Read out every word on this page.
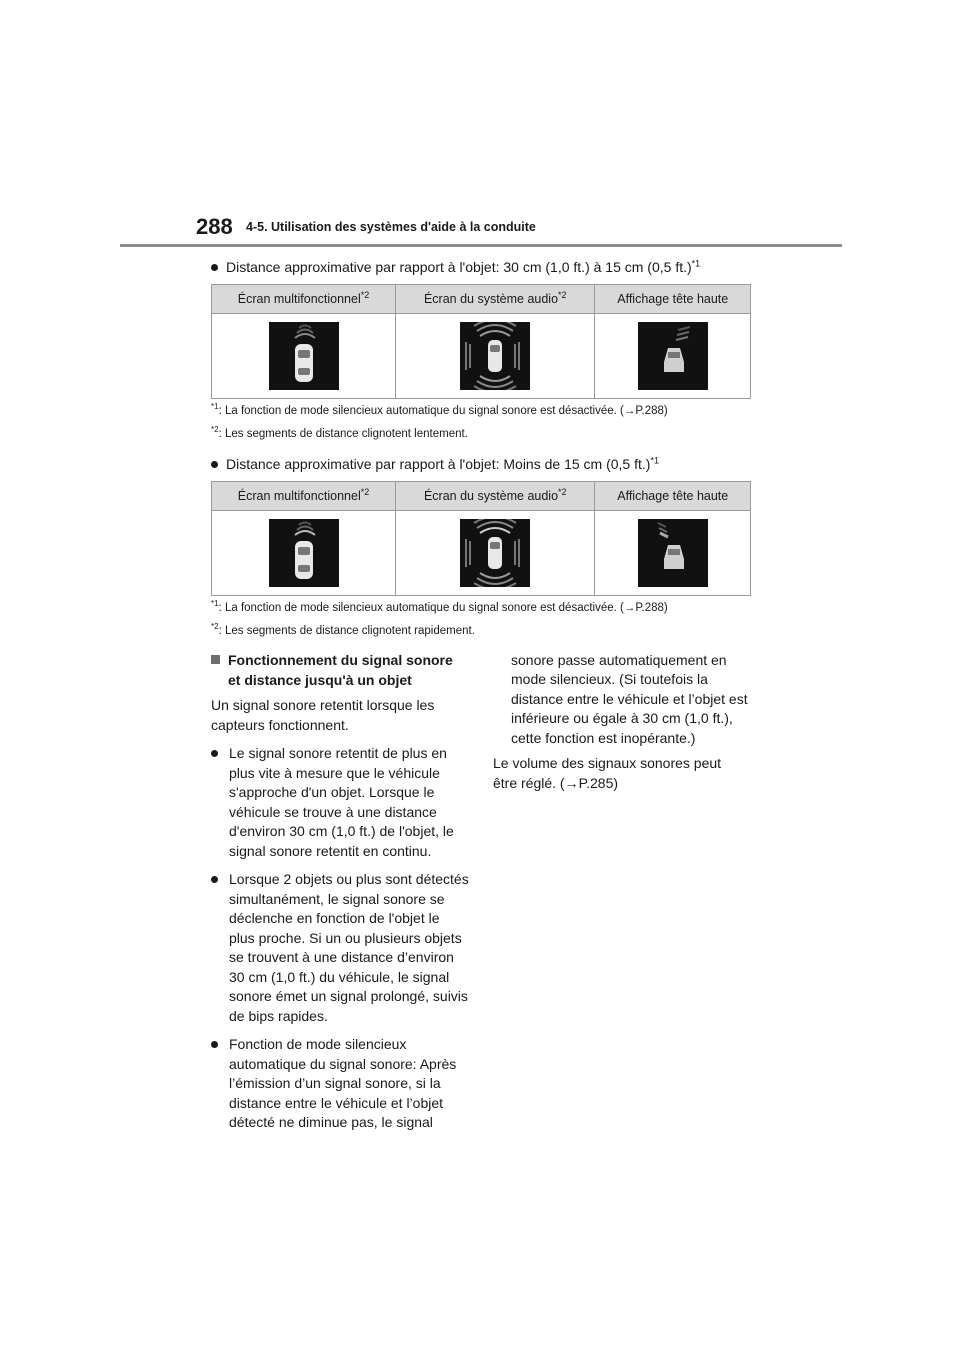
288 4-5. Utilisation des systèmes d'aide à la conduite
Distance approximative par rapport à l'objet: 30 cm (1,0 ft.) à 15 cm (0,5 ft.)$^{*1}$
Écran multifonctionnel$^{*2}$	Écran du système audio$^{*2}$	Affichage tête haute

$^{*1}$: La fonction de mode silencieux automatique du signal sonore est désactivée. (→P.288)
$^{*2}$: Les segments de distance clignotent lentement.
Distance approximative par rapport à l'objet: Moins de 15 cm (0,5 ft.)$^{*1}$
Écran multifonctionnel$^{*2}$	Écran du système audio$^{*2}$	Affichage tête haute

$^{*1}$: La fonction de mode silencieux automatique du signal sonore est désactivée. (→P.288)
$^{*2}$: Les segments de distance clignotent rapidement.

Fonctionnement du signal sonore et distance jusqu'à un objet

Un signal sonore retentit lorsque les capteurs fonctionnent.

Le signal sonore retentit de plus en plus vite à mesure que le véhicule s'approche d'un objet. Lorsque le véhicule se trouve à une distance d'environ 30 cm (1,0 ft.) de l'objet, le signal sonore retentit en continu.
Lorsque 2 objets ou plus sont détectés simultanément, le signal sonore se déclenche en fonction de l'objet le plus proche. Si un ou plusieurs objets se trouvent à une distance d’environ 30 cm (1,0 ft.) du véhicule, le signal sonore émet un signal prolongé, suivis de bips rapides.
Fonction de mode silencieux automatique du signal sonore: Après l’émission d’un signal sonore, si la distance entre le véhicule et l’objet détecté ne diminue pas, le signal
sonore passe automatiquement en mode silencieux. (Si toutefois la distance entre le véhicule et l’objet est inférieure ou égale à 30 cm (1,0 ft.), cette fonction est inopérante.)

Le volume des signaux sonores peut être réglé. (→P.285)
